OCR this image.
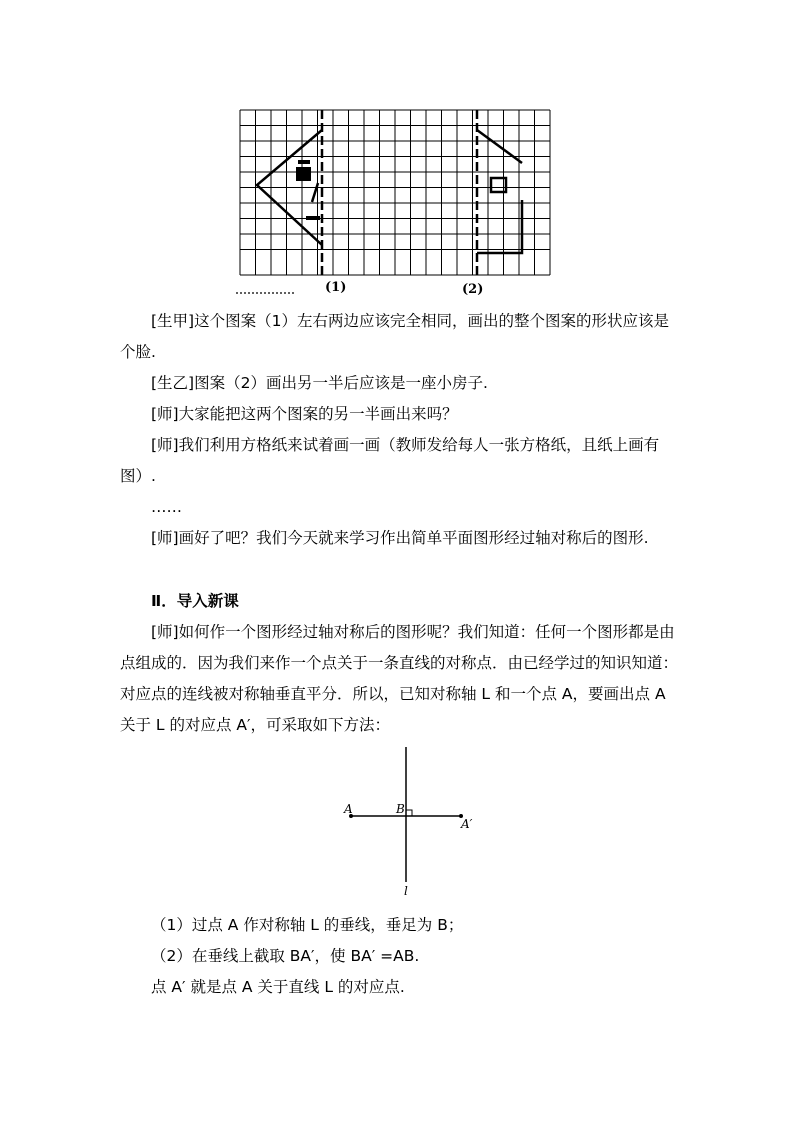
(1)	(2)
[生甲]这个图案（1）左右两边应该完全相同，画出的整个图案的形状应该是个脸.
[生乙]图案（2）画出另一半后应该是一座小房子.
[师]大家能把这两个图案的另一半画出来吗？
[师]我们利用方格纸来试着画一画（教师发给每人一张方格纸，且纸上画有图）.
……
[师]画好了吧？我们今天就来学习作出简单平面图形经过轴对称后的图形.
Ⅱ．导入新课
[师]如何作一个图形经过轴对称后的图形呢？我们知道：任何一个图形都是由点组成的．因为我们来作一个点关于一条直线的对称点．由已经学过的知识知道： 对应点的连线被对称轴垂直平分．所以，已知对称轴 L 和一个点 A，要画出点 A 关于 L 的对应点 A′，可采取如下方法：
A	B
A′
l
（1）过点 A 作对称轴 L 的垂线，垂足为 B；
（2）在垂线上截取 BA′，使 BA′ =AB.
点 A′ 就是点 A 关于直线 L 的对应点.
